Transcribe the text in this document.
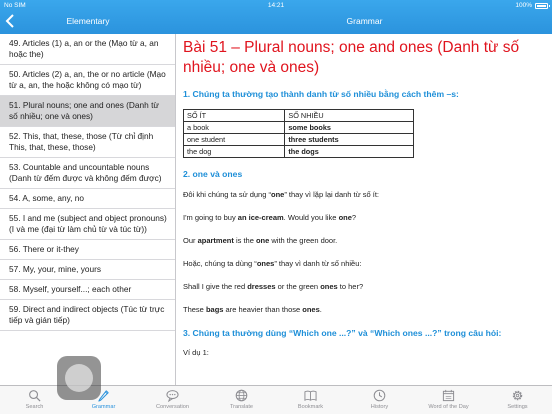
No SIM	14:21	100%
Elementary	Grammar
49. Articles (1) a, an or the (Mạo từ a, an hoặc the)
50. Articles (2) a, an, the or no article (Mạo từ a, an, the hoặc không có mạo từ)
51. Plural nouns; one and ones (Danh từ số nhiều; one và ones)
52. This, that, these, those (Từ chỉ định This, that, these, those)
53. Countable and uncountable nouns (Danh từ đếm được và không đếm được)
54. A, some, any, no
55. I and me (subject and object pronouns) (I và me (đại từ làm chủ từ và túc từ))
56. There or it-they
57. My, your, mine, yours
58. Myself, yourself...; each other
59. Direct and indirect objects (Túc từ trực tiếp và gián tiếp)
Bài 51 – Plural nouns; one and ones (Danh từ số nhiều; one và ones)
1. Chúng ta thường tạo thành danh từ số nhiều bằng cách thêm –s:
SỐ ÍT	SỐ NHIỀU
a book	some books
one student	three students
the dog	the dogs
2. one và ones

Đôi khi chúng ta sử dụng “one” thay vì lặp lại danh từ số ít:

I'm going to buy an ice-cream. Would you like one?

Our apartment is the one with the green door.

Hoặc, chúng ta dùng “ones” thay vì danh từ số nhiều:

Shall I give the red dresses or the green ones to her?

These bags are heavier than those ones.

3. Chúng ta thường dùng “Which one ...?” và “Which ones ...?” trong câu hỏi:

Ví dụ 1:

Search	Grammar	Conversation	Translate	Bookmark	History	Word of the Day	Settings
